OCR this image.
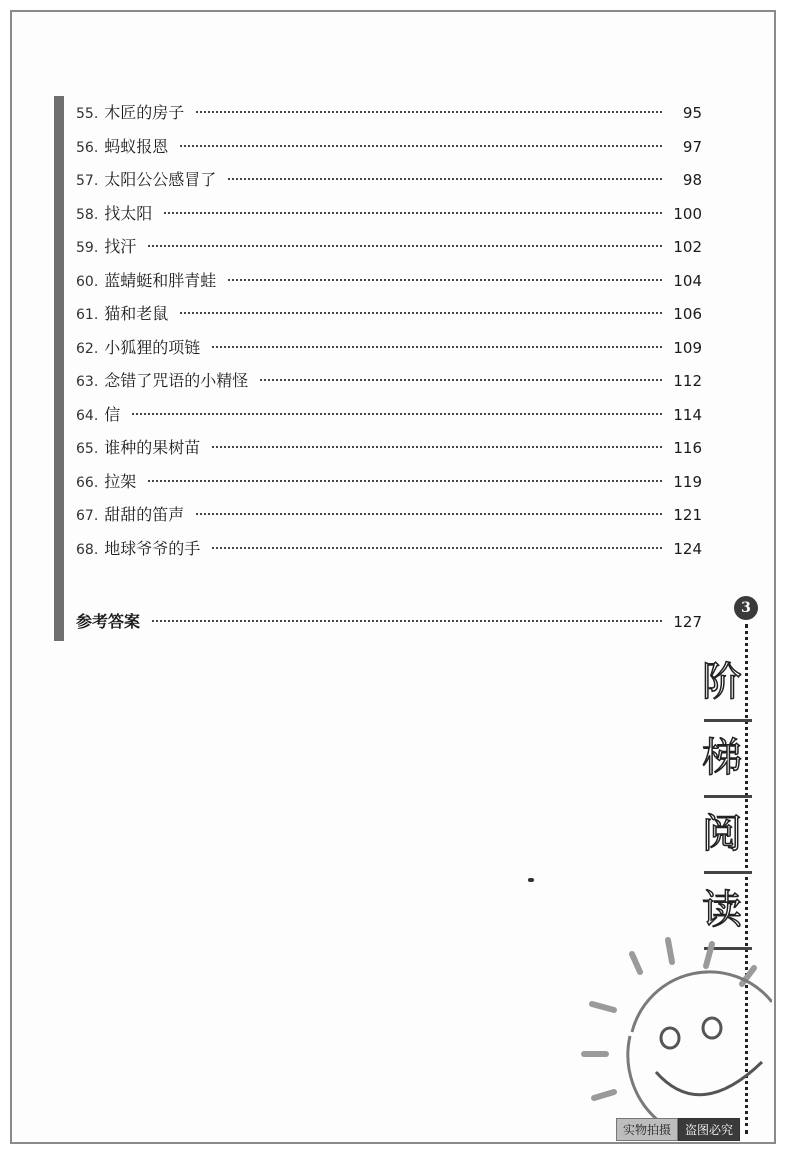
55. 木匠的房子	95
56. 蚂蚁报恩	97
57. 太阳公公感冒了	98
58. 找太阳	100
59. 找汗	102
60. 蓝蜻蜓和胖青蛙	104
61. 猫和老鼠	106
62. 小狐狸的项链	109
63. 念错了咒语的小精怪	112
64. 信	114
65. 谁种的果树苗	116
66. 拉架	119
67. 甜甜的笛声	121
68. 地球爷爷的手	124
参考答案	127
3
阶
梯
阅
读
实物拍摄	盗图必究
